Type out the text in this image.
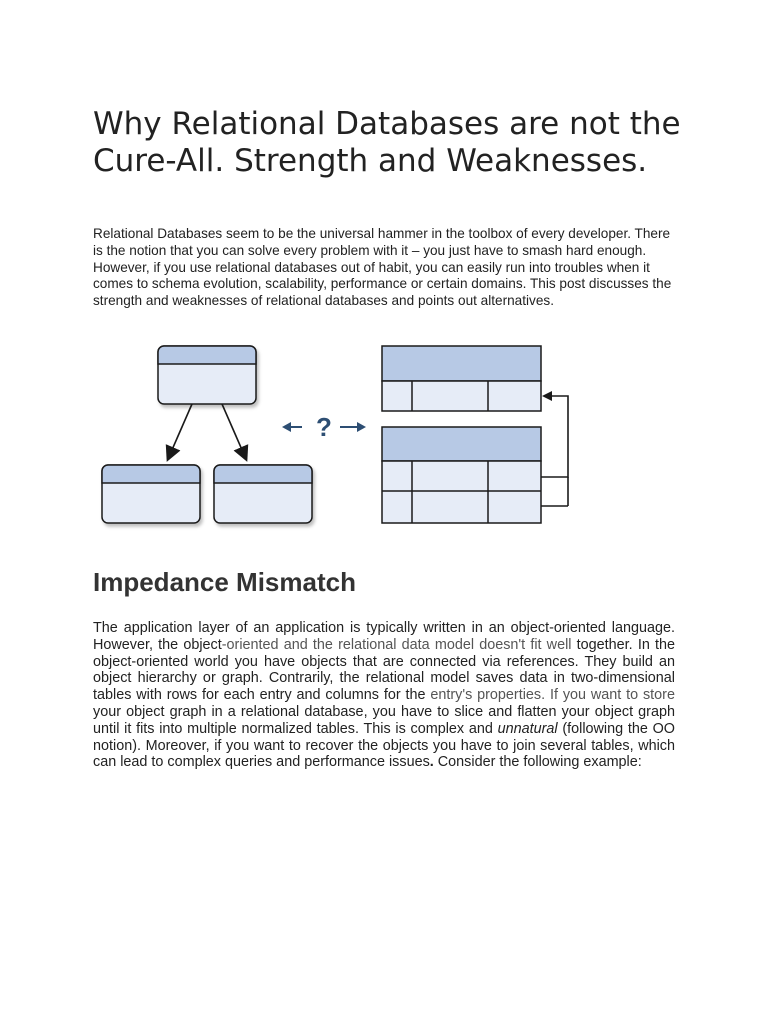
Why Relational Databases are not the Cure-All. Strength and Weaknesses.

Relational Databases seem to be the universal hammer in the toolbox of every developer. There is the notion that you can solve every problem with it – you just have to smash hard enough. However, if you use relational databases out of habit, you can easily run into troubles when it comes to schema evolution, scalability, performance or certain domains. This post discusses the strength and weaknesses of relational databases and points out alternatives.

?
Impedance Mismatch

The application layer of an application is typically written in an object-oriented language. However, the object-oriented and the relational data model doesn't fit well together. In the object-oriented world you have objects that are connected via references. They build an object hierarchy or graph. Contrarily, the relational model saves data in two-dimensional tables with rows for each entry and columns for the entry's properties. If you want to store your object graph in a relational database, you have to slice and flatten your object graph until it fits into multiple normalized tables. This is complex and unnatural (following the OO notion). Moreover, if you want to recover the objects you have to join several tables, which can lead to complex queries and performance issues. Consider the following example:
